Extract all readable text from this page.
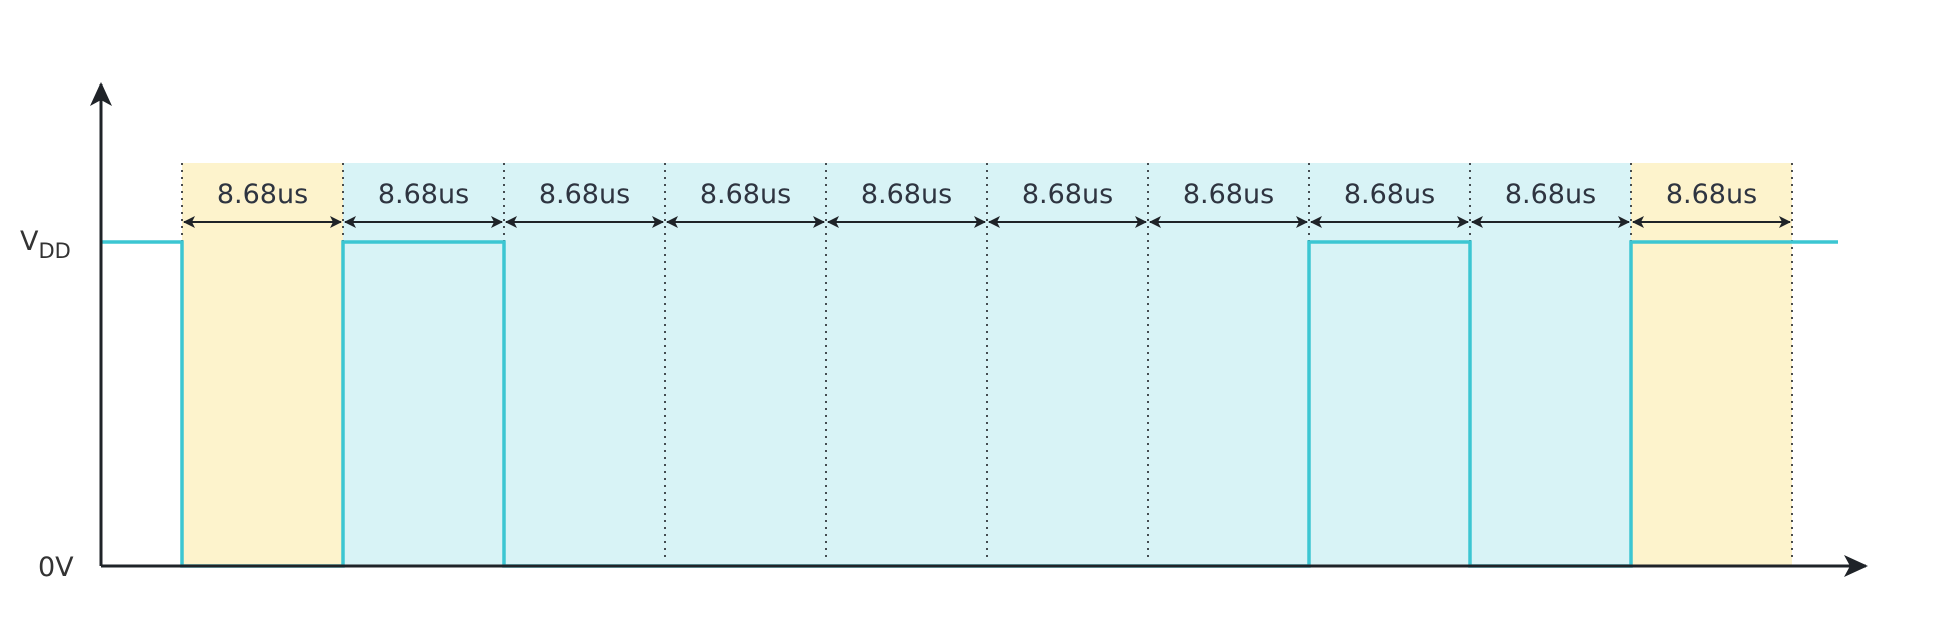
8.68us	8.68us	8.68us	8.68us	8.68us	8.68us	8.68us	8.68us	8.68us	8.68us
$V_{DD}$
0V
